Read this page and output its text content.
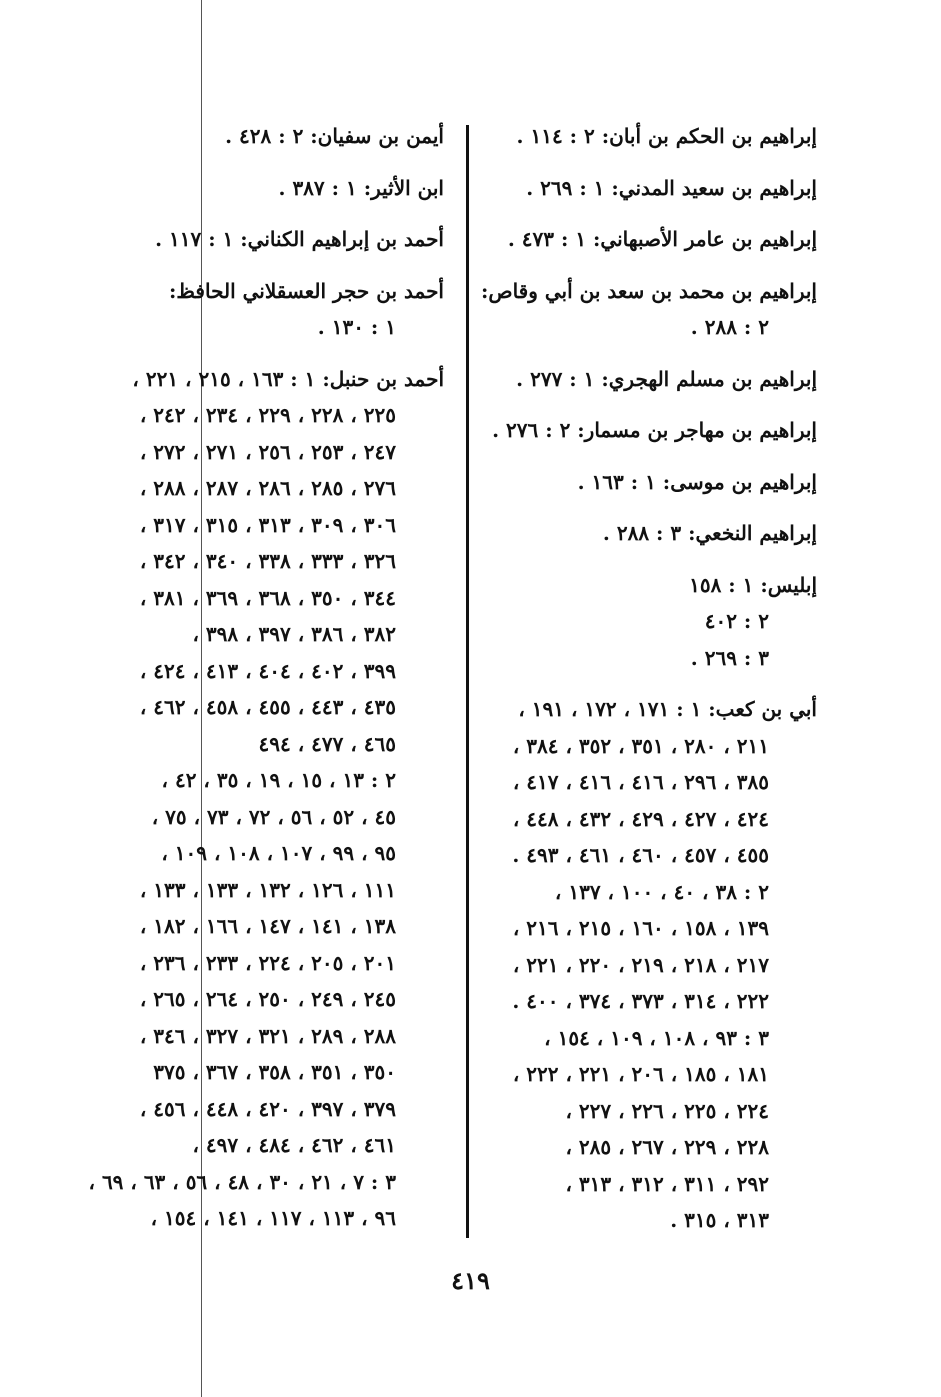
إبراهيم بن الحكم بن أبان: ٢ : ١١٤ .
إبراهيم بن سعيد المدني: ١ : ٢٦٩ .
إبراهيم بن عامر الأصبهاني: ١ : ٤٧٣ .
إبراهيم بن محمد بن سعد بن أبي وقاص:
٢ : ٢٨٨ .
إبراهيم بن مسلم الهجري: ١ : ٢٧٧ .
إبراهيم بن مهاجر بن مسمار: ٢ : ٢٧٦ .
إبراهيم بن موسى: ١ : ١٦٣ .
إبراهيم النخعي: ٣ : ٢٨٨ .
إبليس: ١ : ١٥٨
٢ : ٤٠٢
٣ : ٢٦٩ .
أبي بن كعب: ١ : ١٧١ ، ١٧٢ ، ١٩١ ،
٢١١ ، ٢٨٠ ، ٣٥١ ، ٣٥٢ ، ٣٨٤ ،
٣٨٥ ، ٢٩٦ ، ٤١٦ ، ٤١٦ ، ٤١٧ ،
٤٢٤ ، ٤٢٧ ، ٤٢٩ ، ٤٣٢ ، ٤٤٨ ،
٤٥٥ ، ٤٥٧ ، ٤٦٠ ، ٤٦١ ، ٤٩٣ .
٢ : ٣٨ ، ٤٠ ، ١٠٠ ، ١٣٧ ،
١٣٩ ، ١٥٨ ، ١٦٠ ، ٢١٥ ، ٢١٦ ،
٢١٧ ، ٢١٨ ، ٢١٩ ، ٢٢٠ ، ٢٢١ ،
٢٢٢ ، ٣١٤ ، ٣٧٣ ، ٣٧٤ ، ٤٠٠ .
٣ : ٩٣ ، ١٠٨ ، ١٠٩ ، ١٥٤ ،
١٨١ ، ١٨٥ ، ٢٠٦ ، ٢٢١ ، ٢٢٢ ،
٢٢٤ ، ٢٢٥ ، ٢٢٦ ، ٢٢٧ ،
٢٢٨ ، ٢٢٩ ، ٢٦٧ ، ٢٨٥ ،
٢٩٢ ، ٣١١ ، ٣١٢ ، ٣١٣ ،
٣١٣ ، ٣١٥ .
أيمن بن سفيان: ٢ : ٤٢٨ .
ابن الأثير: ١ : ٣٨٧ .
أحمد بن إبراهيم الكناني: ١ : ١١٧ .
أحمد بن حجر العسقلاني الحافظ:
١ : ١٣٠ .
أحمد بن حنبل: ١ : ١٦٣ ، ٢١٥ ، ٢٢١ ،
٢٢٥ ، ٢٢٨ ، ٢٢٩ ، ٢٣٤ ، ٢٤٢ ،
٢٤٧ ، ٢٥٣ ، ٢٥٦ ، ٢٧١ ، ٢٧٢ ،
٢٧٦ ، ٢٨٥ ، ٢٨٦ ، ٢٨٧ ، ٢٨٨ ،
٣٠٦ ، ٣٠٩ ، ٣١٣ ، ٣١٥ ، ٣١٧ ،
٣٢٦ ، ٣٣٣ ، ٣٣٨ ، ٣٤٠ ، ٣٤٢ ،
٣٤٤ ، ٣٥٠ ، ٣٦٨ ، ٣٦٩ ، ٣٨١ ،
٣٨٢ ، ٣٨٦ ، ٣٩٧ ، ٣٩٨ ،
٣٩٩ ، ٤٠٢ ، ٤٠٤ ، ٤١٣ ، ٤٢٤ ،
٤٣٥ ، ٤٤٣ ، ٤٥٥ ، ٤٥٨ ، ٤٦٢ ،
٤٦٥ ، ٤٧٧ ، ٤٩٤
٢ : ١٣ ، ١٥ ، ١٩ ، ٣٥ ، ٤٢ ،
٤٥ ، ٥٢ ، ٥٦ ، ٧٢ ، ٧٣ ، ٧٥ ،
٩٥ ، ٩٩ ، ١٠٧ ، ١٠٨ ، ١٠٩ ،
١١١ ، ١٢٦ ، ١٣٢ ، ١٣٣ ، ١٣٣ ،
١٣٨ ، ١٤١ ، ١٤٧ ، ١٦٦ ، ١٨٢ ،
٢٠١ ، ٢٠٥ ، ٢٢٤ ، ٢٣٣ ، ٢٣٦ ،
٢٤٥ ، ٢٤٩ ، ٢٥٠ ، ٢٦٤ ، ٢٦٥ ،
٢٨٨ ، ٢٨٩ ، ٣٢١ ، ٣٢٧ ، ٣٤٦ ،
٣٥٠ ، ٣٥١ ، ٣٥٨ ، ٣٦٧ ، ٣٧٥
٣٧٩ ، ٣٩٧ ، ٤٢٠ ، ٤٤٨ ، ٤٥٦ ،
٤٦١ ، ٤٦٢ ، ٤٨٤ ، ٤٩٧ ،
٣ : ٧ ، ٢١ ، ٣٠ ، ٤٨ ، ٥٦ ، ٦٣ ، ٦٩ ،
٩٦ ، ١١٣ ، ١١٧ ، ١٤١ ، ١٥٤ ،
٤١٩
